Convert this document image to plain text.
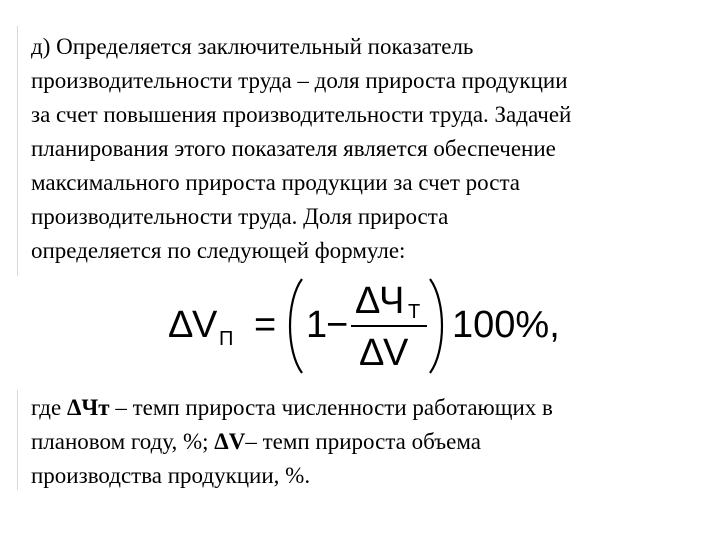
д) Определяется заключительный показатель
производительности труда – доля прироста продукции
за счет повышения производительности труда. Задачей
планирования этого показателя является обеспечение
максимального прироста продукции за счет роста
производительности труда. Доля прироста
определяется по следующей формуле:

Δ
V П = 1
−
Δ
Ч Т
Δ
V
100%,

где ΔЧт – темп прироста численности работающих в
плановом году, %; ΔV– темп прироста объема
производства продукции, %.
